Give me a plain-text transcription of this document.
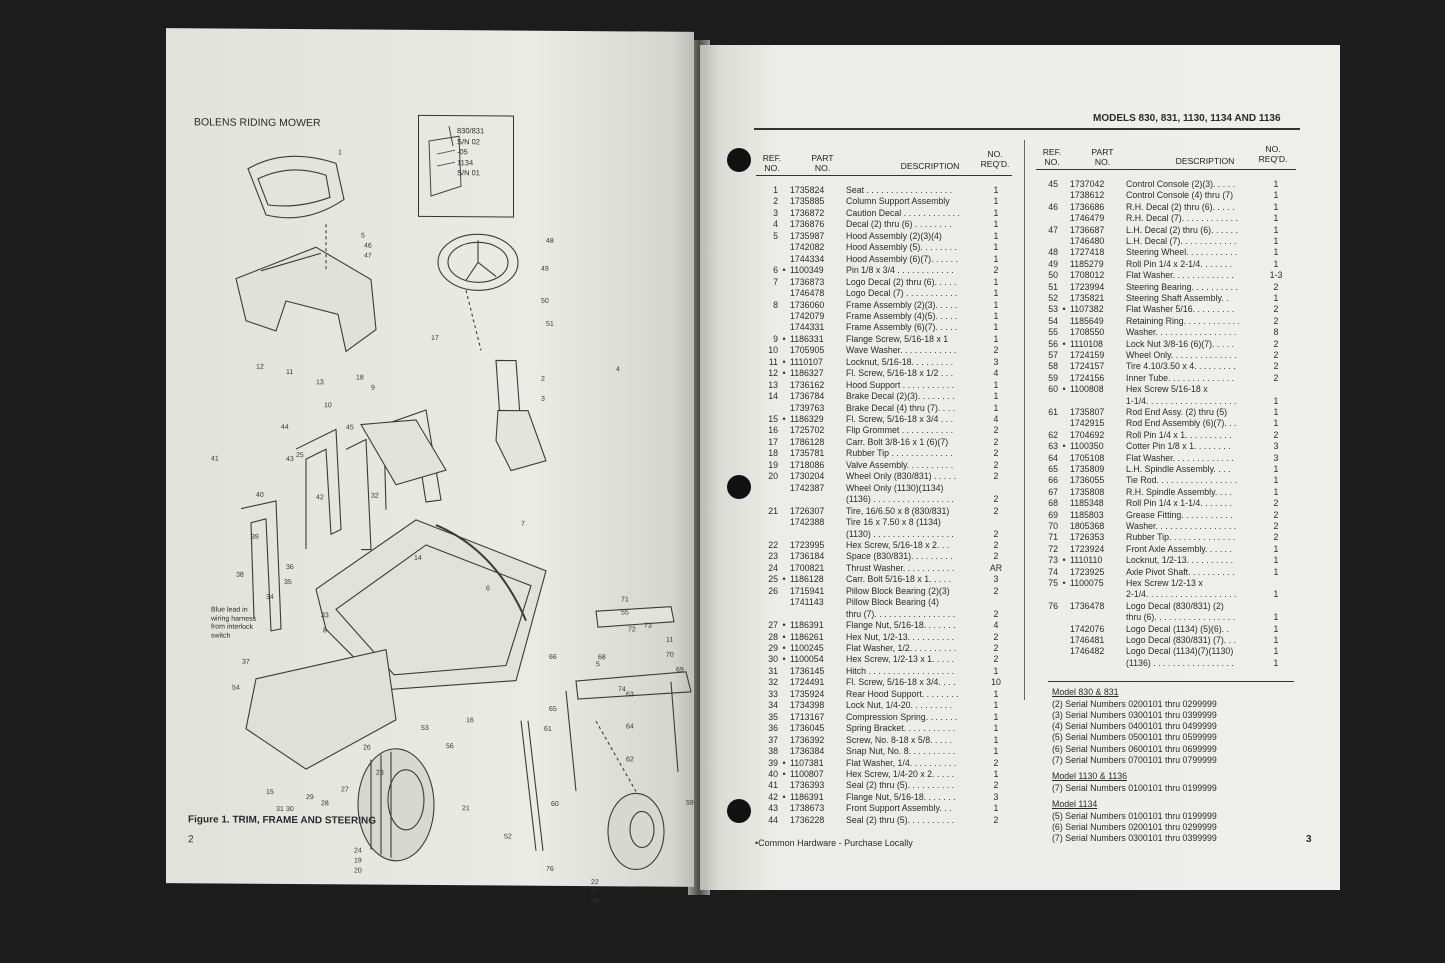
BOLENS RIDING MOWER
830/831
S/N 02
-05
1134
S/N 01
1
5
46
47
48
49
50
51
12
11
17
13
10
18
9
2
3
4
44	45
25
43
41
42
40
39
14
32
7
38
36
35
34
33
8
6
37
71
55
72
73
11
70
69
5
74
61
68
66
64
65
63
62
60
52
53
56
16
15
31 30
29
28
27
26
23
24
19
20
21
22
57
58
59
54
76
Blue lead in
wiring harness
from interlock
switch
Figure 1. TRIM, FRAME AND STEERING
2
MODELS 830, 831, 1130, 1134 AND 1136
REF.
NO.
PART
NO.	DESCRIPTION
NO.
REQ'D.
REF.
NO.
PART
NO.	DESCRIPTION
NO.
REQ'D.
1 1735824	Seat . . . . . . . . . . . . . . . . . .	1
2 1735885	Column Support Assembly	1
3 1736872	Caution Decal . . . . . . . . . . . .	1
4 1736876	Decal (2) thru (6) . . . . . . . .	1
5 1735987	Hood Assembly (2)(3)(4)	1
1742082	Hood Assembly (5). . . . . . . .	1
1744334	Hood Assembly (6)(7). . . . . .	1
6 • 1100349	Pin 1/8 x 3/4 . . . . . . . . . . . .	2
7 1736873	Logo Decal (2) thru (6). . . . .	1
1746478	Logo Decal (7) . . . . . . . . . . .	1
8 1736060	Frame Assembly (2)(3). . . . .	1
1742079	Frame Assembly (4)(5). . . . .	1
1744331	Frame Assembly (6)(7). . . . .	1
9 • 1186331	Flange Screw, 5/16-18 x 1	1
10 1705905	Wave Washer. . . . . . . . . . . .	2
11 • 1110107	Locknut, 5/16-18. . . . . . . . .	3
12 • 1186327	Fl. Screw, 5/16-18 x 1/2 . . .	4
13 1736162	Hood Support . . . . . . . . . . .	1
14 1736784	Brake Decal (2)(3). . . . . . . .	1
1739763	Brake Decal (4) thru (7). . . .	1
15 • 1186329	Fl. Screw, 5/16-18 x 3/4 . . .	4
16 1725702	Flip Grommet . . . . . . . . . . .	2
17 1786128	Carr. Bolt 3/8-16 x 1 (6)(7)	2
18 1735781	Rubber Tip . . . . . . . . . . . . .	2
19 1718086	Valve Assembly. . . . . . . . . .	2
20 1730204	Wheel Only (830/831) . . . . .	2
1742387	Wheel Only (1130)(1134)
(1136) . . . . . . . . . . . . . . . . .	2
21 1726307	Tire, 16/6.50 x 8 (830/831)	2
1742388	Tire 16 x 7.50 x 8 (1134)
(1130) . . . . . . . . . . . . . . . . .	2
22 1723995	Hex Screw, 5/16-18 x 2. . .	2
23 1736184	Space (830/831). . . . . . . . .	2
24 1700821	Thrust Washer. . . . . . . . . . .	AR
25 • 1186128	Carr. Bolt 5/16-18 x 1. . . . .	3
26 1715941	Pillow Block Bearing (2)(3)	2
1741143	Pillow Block Bearing (4)
thru (7). . . . . . . . . . . . . . . . .	2
27 • 1186391	Flange Nut, 5/16-18. . . . . . .	4
28 • 1186261	Hex Nut, 1/2-13. . . . . . . . . .	2
29 • 1100245	Flat Washer, 1/2. . . . . . . . . .	2
30 • 1100054	Hex Screw, 1/2-13 x 1. . . . .	2
31 1736145	Hitch . . . . . . . . . . . . . . . . . .	1
32 1724491	Fl. Screw, 5/16-18 x 3/4. . . .	10
33 1735924	Rear Hood Support. . . . . . . .	1
34 1734398	Lock Nut, 1/4-20. . . . . . . . .	1
35 1713167	Compression Spring. . . . . . .	1
36 1736045	Spring Bracket. . . . . . . . . . .	1
37 1736392	Screw, No. 8-18 x 5/8. . . . .	1
38 1736384	Snap Nut, No. 8. . . . . . . . . .	1
39 • 1107381	Flat Washer, 1/4. . . . . . . . . .	2
40 • 1100807	Hex Screw, 1/4-20 x 2. . . . .	1
41 1736393	Seal (2) thru (5). . . . . . . . . .	2
42 • 1186391	Flange Nut, 5/16-18. . . . . . .	3
43 1738673	Front Support Assembly. . .	1
44 1736228	Seal (2) thru (5). . . . . . . . . .	2
45 1737042	Control Console (2)(3). . . . .	1
1738612	Control Console (4) thru (7)	1
46 1736686	R.H. Decal (2) thru (6). . . . .	1
1746479	R.H. Decal (7). . . . . . . . . . . .	1
47 1736687	L.H. Decal (2) thru (6). . . . . .	1
1746480	L.H. Decal (7). . . . . . . . . . . .	1
48 1727418	Steering Wheel. . . . . . . . . . .	1
49 1185279	Roll Pin 1/4 x 2-1/4. . . . . . .	1
50 1708012	Flat Washer. . . . . . . . . . . . .	1-3
51 1723994	Steering Bearing. . . . . . . . . .	2
52 1735821	Steering Shaft Assembly. .	1
53 • 1107382	Flat Washer 5/16. . . . . . . . .	2
54 1185649	Retaining Ring. . . . . . . . . . . .	2
55 1708550	Washer. . . . . . . . . . . . . . . . .	8
56 • 1110108	Lock Nut 3/8-16 (6)(7). . . . .	2
57 1724159	Wheel Only. . . . . . . . . . . . . .	2
58 1724157	Tire 4.10/3.50 x 4. . . . . . . . .	2
59 1724156	Inner Tube. . . . . . . . . . . . . .	2
60 • 1100808	Hex Screw 5/16-18 x
1-1/4. . . . . . . . . . . . . . . . . . .	1
61 1735807	Rod End Assy. (2) thru (5)	1
1742915	Rod End Assembly (6)(7). . .	1
62 1704692	Roll Pin 1/4 x 1. . . . . . . . . .	2
63 • 1100350	Cotter Pin 1/8 x 1. . . . . . . .	3
64 1705108	Flat Washer. . . . . . . . . . . . .	3
65 1735809	L.H. Spindle Assembly. . . .	1
66 1736055	Tie Rod. . . . . . . . . . . . . . . . .	1
67 1735808	R.H. Spindle Assembly. . . .	1
68 1185348	Roll Pin 1/4 x 1-1/4. . . . . . .	2
69 1185803	Grease Fitting. . . . . . . . . . .	2
70 1805368	Washer. . . . . . . . . . . . . . . . .	2
71 1726353	Rubber Tip. . . . . . . . . . . . . .	2
72 1723924	Front Axle Assembly. . . . . .	1
73 • 1110110	Locknut, 1/2-13. . . . . . . . . .	1
74 1723925	Axle Pivot Shaft. . . . . . . . . .	1
75 • 1100075	Hex Screw 1/2-13 x
2-1/4. . . . . . . . . . . . . . . . . . .	1
76 1736478	Logo Decal (830/831) (2)
thru (6). . . . . . . . . . . . . . . . .	1
1742076	Logo Decal (1134) (5)(6). .	1
1746481	Logo Decal (830/831) (7). . .	1
1746482	Logo Decal (1134)(7)(1130)	1
(1136) . . . . . . . . . . . . . . . . .	1
Model 830 & 831
(2) Serial Numbers 0200101 thru 0299999
(3) Serial Numbers 0300101 thru 0399999
(4) Serial Numbers 0400101 thru 0499999
(5) Serial Numbers 0500101 thru 0599999
(6) Serial Numbers 0600101 thru 0699999
(7) Serial Numbers 0700101 thru 0799999
Model 1130 & 1136
(7) Serial Numbers 0100101 thru 0199999
Model 1134
(5) Serial Numbers 0100101 thru 0199999
(6) Serial Numbers 0200101 thru 0299999
(7) Serial Numbers 0300101 thru 0399999
•Common Hardware - Purchase Locally	3
